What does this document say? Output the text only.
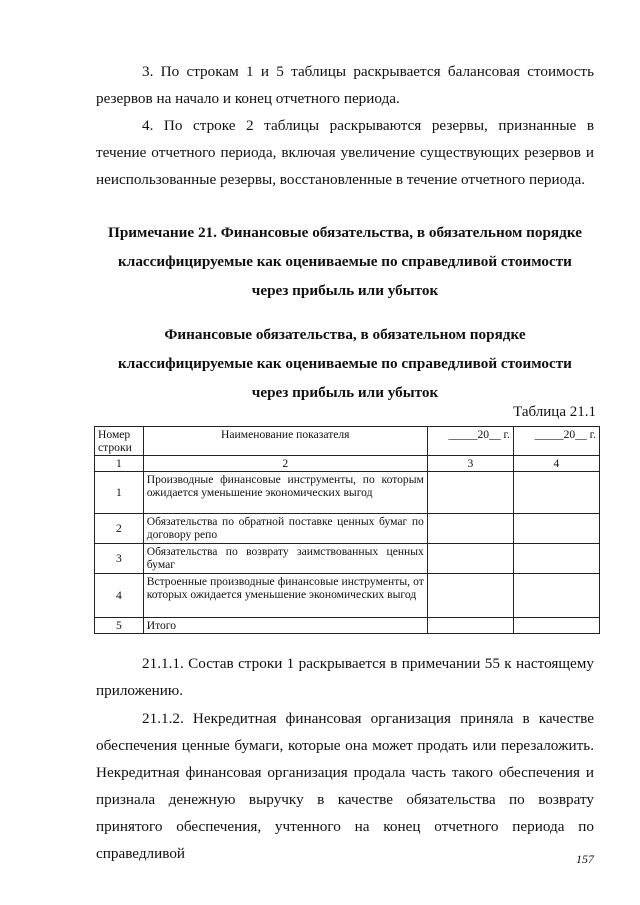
3. По строкам 1 и 5 таблицы раскрывается балансовая стоимость резервов на начало и конец отчетного периода.

4. По строке 2 таблицы раскрываются резервы, признанные в течение отчетного периода, включая увеличение существующих резервов и неиспользованные резервы, восстановленные в течение отчетного периода.

Примечание 21. Финансовые обязательства, в обязательном порядке классифицируемые как оцениваемые по справедливой стоимости через прибыль или убыток

Финансовые обязательства, в обязательном порядке классифицируемые как оцениваемые по справедливой стоимости через прибыль или убыток

Таблица 21.1

Номер строки	Наименование показателя	_____20__ г.	_____20__ г.
1	2	3	4
1	Производные финансовые инструменты, по которым ожидается уменьшение экономических выгод		
2	Обязательства по обратной поставке ценных бумаг по договору репо		
3	Обязательства по возврату заимствованных ценных бумаг		
4	Встроенные производные финансовые инструменты, от которых ожидается уменьшение экономических выгод		
5	Итого		

21.1.1. Состав строки 1 раскрывается в примечании 55 к настоящему приложению.

21.1.2. Некредитная финансовая организация приняла в качестве обеспечения ценные бумаги, которые она может продать или перезаложить. Некредитная финансовая организация продала часть такого обеспечения и признала денежную выручку в качестве обязательства по возврату принятого обеспечения, учтенного на конец отчетного периода по справедливой	157
